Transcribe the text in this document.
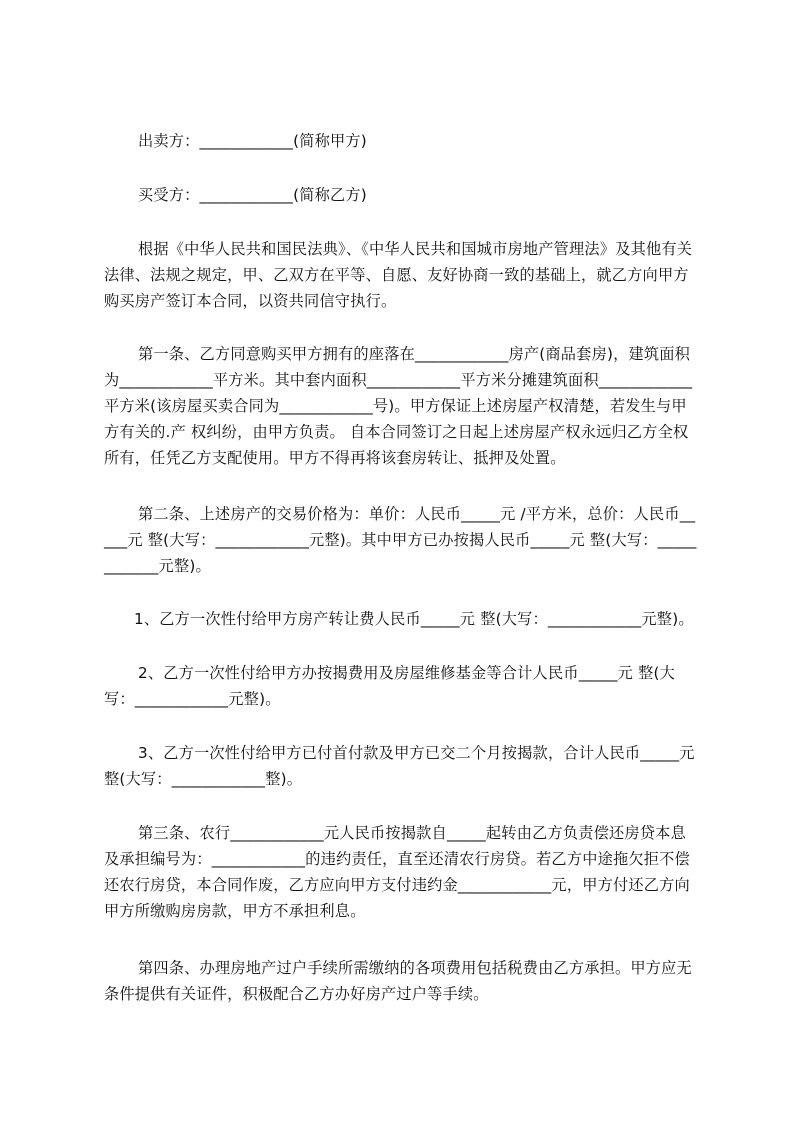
出卖方：____________(简称甲方)

买受方：____________(简称乙方)

根据《中华人民共和国民法典》、《中华人民共和国城市房地产管理法》及其他有关法律、法规之规定，甲、乙双方在平等、自愿、友好协商一致的基础上，就乙方向甲方购买房产签订本合同，以资共同信守执行。

第一条、乙方同意购买甲方拥有的座落在____________房产(商品套房)，建筑面积为____________平方米。其中套内面积____________平方米分摊建筑面积____________平方米(该房屋买卖合同为____________号)。甲方保证上述房屋产权清楚，若发生与甲方有关的.产 权纠纷，由甲方负责。 自本合同签订之日起上述房屋产权永远归乙方全权所有，任凭乙方支配使用。甲方不得再将该套房转让、抵押及处置。

第二条、上述房产的交易价格为：单价：人民币_____元 /平方米，总价：人民币_____元 整(大写：____________元整)。其中甲方已办按揭人民币_____元 整(大写：____________元整)。

1、乙方一次性付给甲方房产转让费人民币_____元 整(大写：____________元整)。

2、乙方一次性付给甲方办按揭费用及房屋维修基金等合计人民币_____元 整(大写：____________元整)。

3、乙方一次性付给甲方已付首付款及甲方已交二个月按揭款，合计人民币_____元 整(大写：____________整)。

第三条、农行____________元人民币按揭款自_____起转由乙方负责偿还房贷本息及承担编号为：____________的违约责任，直至还清农行房贷。若乙方中途拖欠拒不偿还农行房贷，本合同作废，乙方应向甲方支付违约金____________元，甲方付还乙方向甲方所缴购房房款，甲方不承担利息。

第四条、办理房地产过户手续所需缴纳的各项费用包括税费由乙方承担。甲方应无条件提供有关证件，积极配合乙方办好房产过户等手续。
